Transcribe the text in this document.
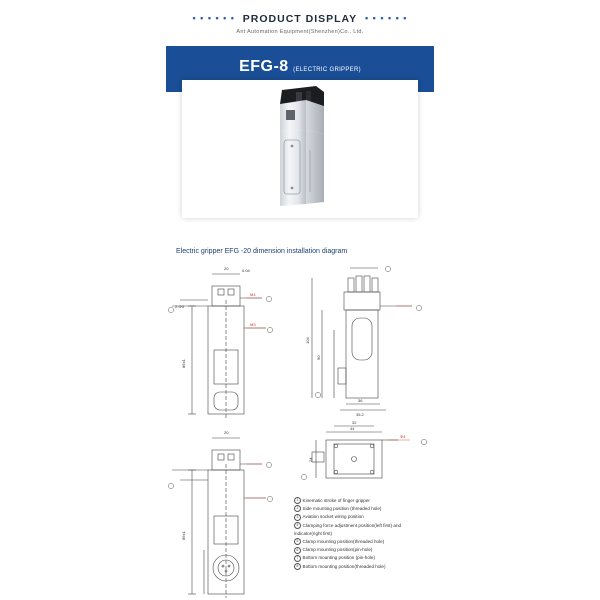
• • • • • • PRODUCT DISPLAY • • • • • •
Ant Automation Equipment(Shenzhen)Co., Ltd.
EFG-8 (ELECTRIC GRIPPER)
Electric gripper EFG -20 dimension installation diagram
20	0.04
M4
M3
86±1
2-Φ3
104
90
36
35.2
44
32
24
Φ4
20
86±1
1 Kinematic stroke of finger gripper
2 Side mounting position (threaded hole)
3 Aviation socket wiring position
4 Clamping force adjustment position(left first) and
indicator(right first)
5 Clamp mounting position(threaded hole)
6 Clamp mounting position(pin-hole)
7 Bottom mounting position (pin-hole)
8 Bottom mounting position(threaded hole)
